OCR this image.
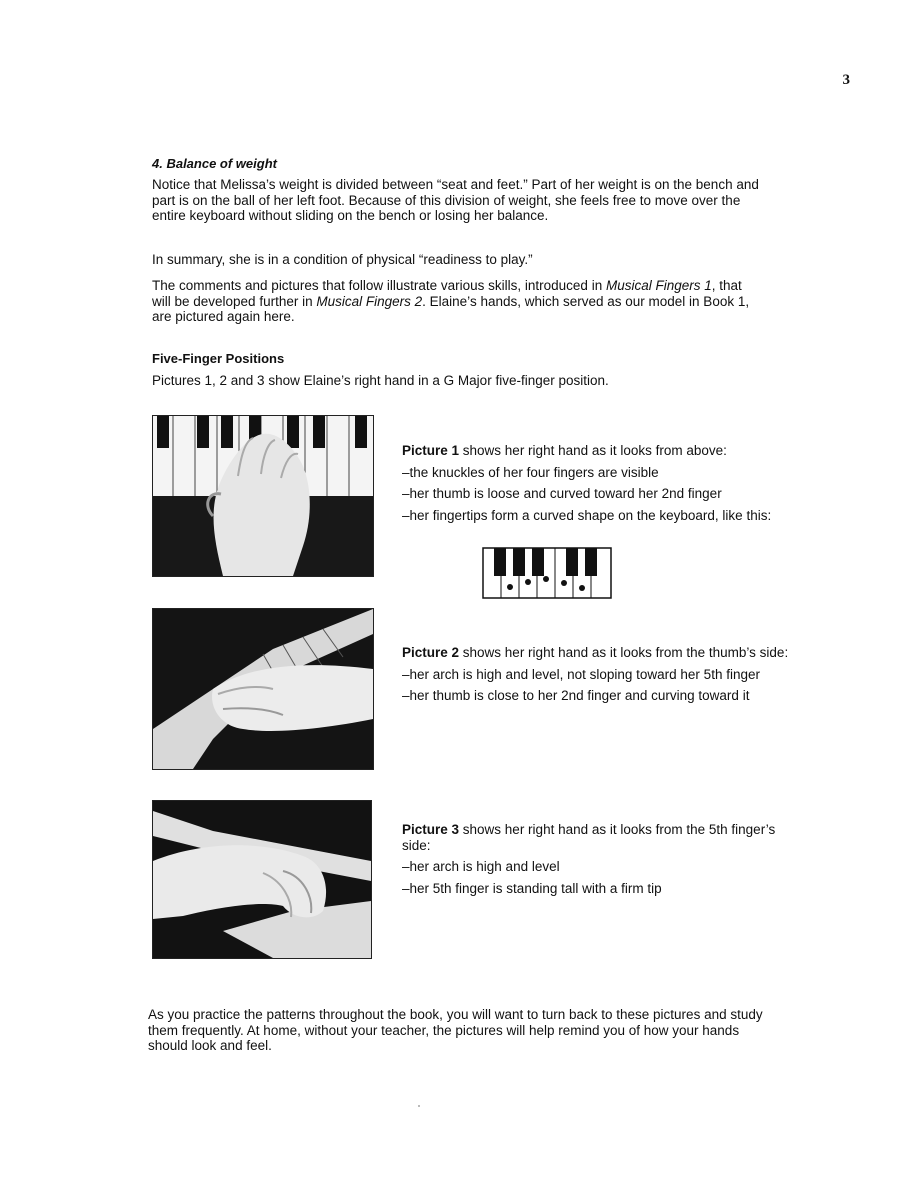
3
4. Balance of weight

Notice that Melissa’s weight is divided between “seat and feet.” Part of her weight is on the bench and part is on the ball of her left foot. Because of this division of weight, she feels free to move over the entire keyboard without sliding on the bench or losing her balance.

In summary, she is in a condition of physical “readiness to play.”

The comments and pictures that follow illustrate various skills, introduced in Musical Fingers 1, that will be developed further in Musical Fingers 2. Elaine’s hands, which served as our model in Book 1, are pictured again here.

Five-Finger Positions

Pictures 1, 2 and 3 show Elaine’s right hand in a G Major five-finger position.

Picture 1 shows her right hand as it looks from above:
–the knuckles of her four fingers are visible
–her thumb is loose and curved toward her 2nd finger
–her fingertips form a curved shape on the keyboard, like this:
Picture 2 shows her right hand as it looks from the thumb’s side:
–her arch is high and level, not sloping toward her 5th finger
–her thumb is close to her 2nd finger and curving toward it
Picture 3 shows her right hand as it looks from the 5th finger’s side:
–her arch is high and level
–her 5th finger is standing tall with a firm tip

As you practice the patterns throughout the book, you will want to turn back to these pictures and study them frequently. At home, without your teacher, the pictures will help remind you of how your hands should look and feel.
